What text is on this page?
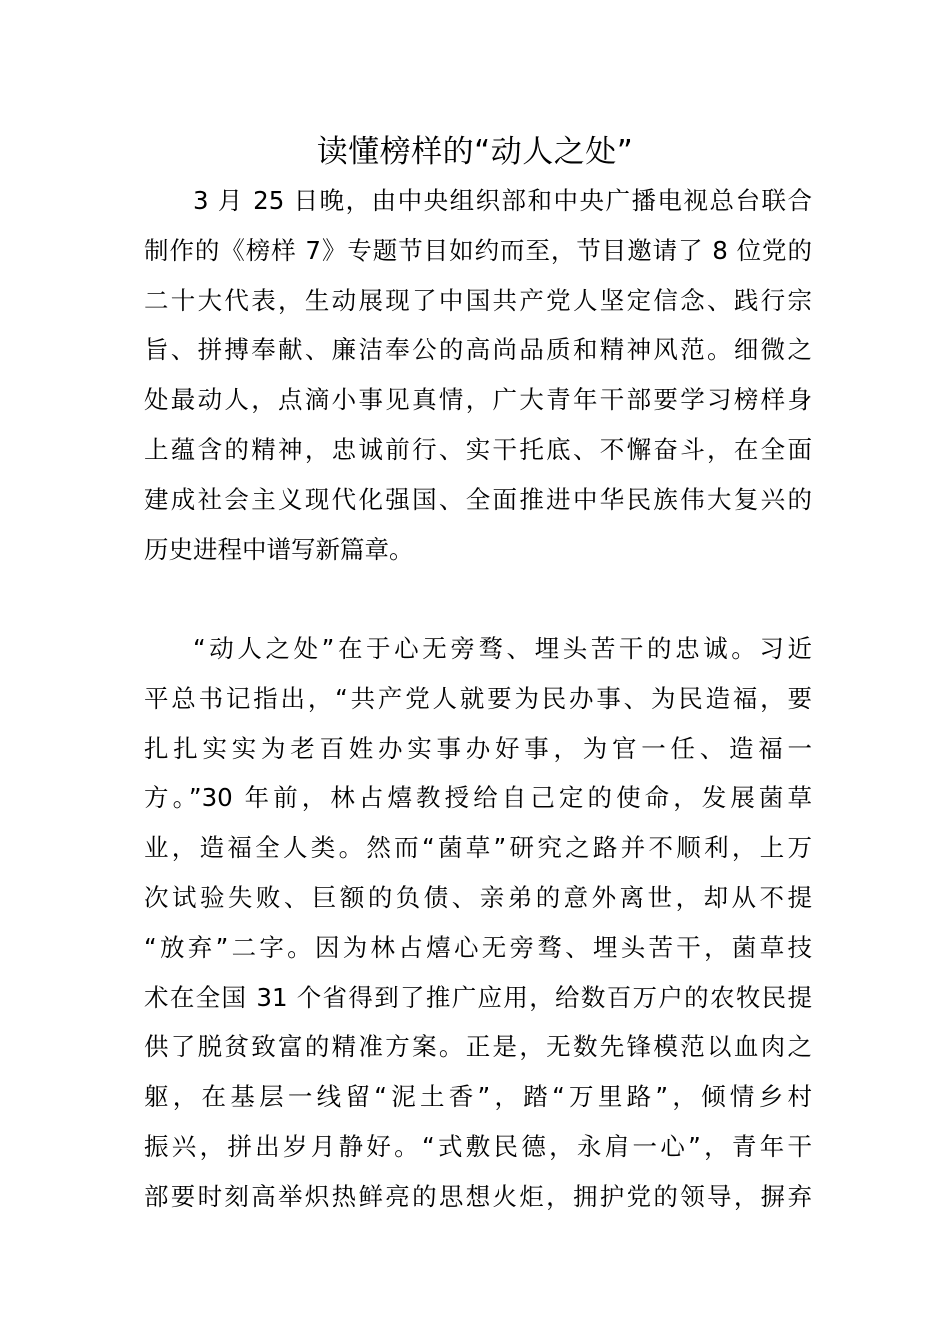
读懂榜样的“动人之处”
3 月 25 日晚，由中央组织部和中央广播电视总台联合
制作的《榜样 7》专题节目如约而至，节目邀请了 8 位党的
二十大代表，生动展现了中国共产党人坚定信念、践行宗
旨、拼搏奉献、廉洁奉公的高尚品质和精神风范。细微之
处最动人，点滴小事见真情，广大青年干部要学习榜样身
上蕴含的精神，忠诚前行、实干托底、不懈奋斗，在全面
建成社会主义现代化强国、全面推进中华民族伟大复兴的
历史进程中谱写新篇章。
“动人之处”在于心无旁骛、埋头苦干的忠诚。习近
平总书记指出，“共产党人就要为民办事、为民造福，要
扎扎实实为老百姓办实事办好事，为官一任、造福一
方。”30 年前，林占熺教授给自己定的使命，发展菌草
业，造福全人类。然而“菌草”研究之路并不顺利，上万
次试验失败、巨额的负债、亲弟的意外离世，却从不提
“放弃”二字。因为林占熺心无旁骛、埋头苦干，菌草技
术在全国 31 个省得到了推广应用，给数百万户的农牧民提
供了脱贫致富的精准方案。正是，无数先锋模范以血肉之
躯，在基层一线留“泥土香”，踏“万里路”，倾情乡村
振兴，拼出岁月静好。“式敷民德，永肩一心”，青年干
部要时刻高举炽热鲜亮的思想火炬，拥护党的领导，摒弃
